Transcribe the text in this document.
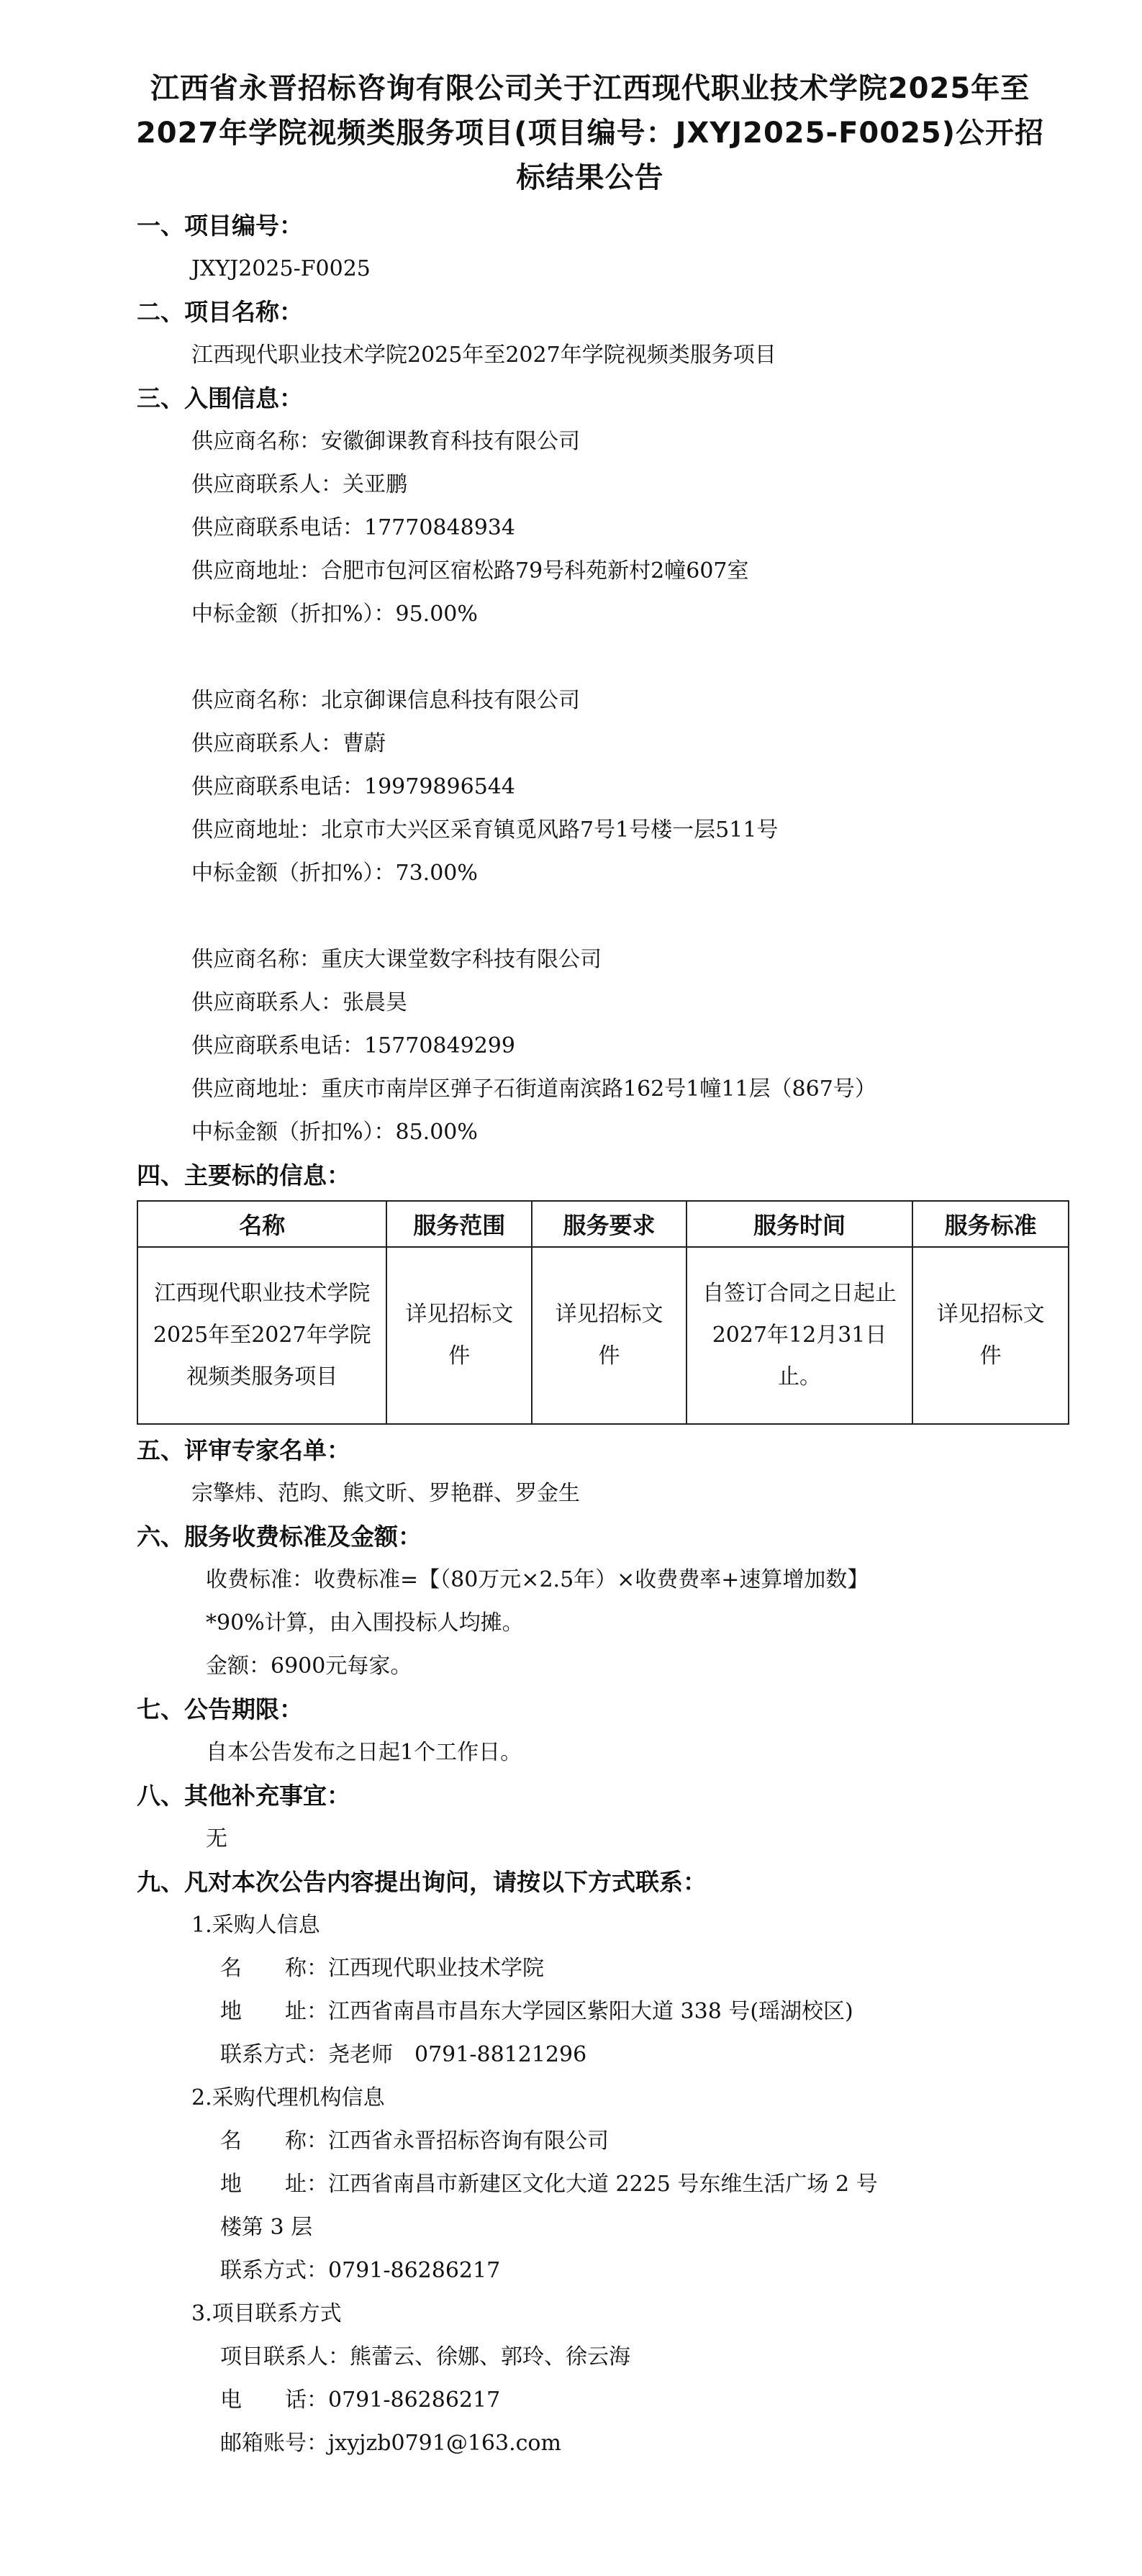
江西省永晋招标咨询有限公司关于江西现代职业技术学院2025年至2027年学院视频类服务项目(项目编号：JXYJ2025-F0025)公开招标结果公告
一、项目编号：
JXYJ2025-F0025
二、项目名称：
江西现代职业技术学院2025年至2027年学院视频类服务项目
三、入围信息：
供应商名称：安徽御课教育科技有限公司
供应商联系人：关亚鹏
供应商联系电话：17770848934
供应商地址：合肥市包河区宿松路79号科苑新村2幢607室
中标金额（折扣%）：95.00%
供应商名称：北京御课信息科技有限公司
供应商联系人：曹蔚
供应商联系电话：19979896544
供应商地址：北京市大兴区采育镇觅风路7号1号楼一层511号
中标金额（折扣%）：73.00%
供应商名称：重庆大课堂数字科技有限公司
供应商联系人：张晨昊
供应商联系电话：15770849299
供应商地址：重庆市南岸区弹子石街道南滨路162号1幢11层（867号）
中标金额（折扣%）：85.00%
四、主要标的信息：
名称	服务范围	服务要求	服务时间	服务标准
江西现代职业技术学院2025年至2027年学院视频类服务项目	详见招标文件	详见招标文件	自签订合同之日起止2027年12月31日止。	详见招标文件
五、评审专家名单：
宗擎炜、范昀、熊文昕、罗艳群、罗金生
六、服务收费标准及金额：
收费标准：收费标准=【（80万元×2.5年）×收费费率+速算增加数】
*90%计算，由入围投标人均摊。
金额：6900元每家。
七、公告期限：
自本公告发布之日起1个工作日。
八、其他补充事宜：
无
九、凡对本次公告内容提出询问，请按以下方式联系：
1.采购人信息
名　　称：江西现代职业技术学院
地　　址：江西省南昌市昌东大学园区紫阳大道 338 号(瑶湖校区)
联系方式：尧老师　0791-88121296
2.采购代理机构信息
名　　称：江西省永晋招标咨询有限公司
地　　址：江西省南昌市新建区文化大道 2225 号东维生活广场 2 号
楼第 3 层
联系方式：0791-86286217
3.项目联系方式
项目联系人：熊蕾云、徐娜、郭玲、徐云海
电　　话：0791-86286217
邮箱账号：jxyjzb0791@163.com
